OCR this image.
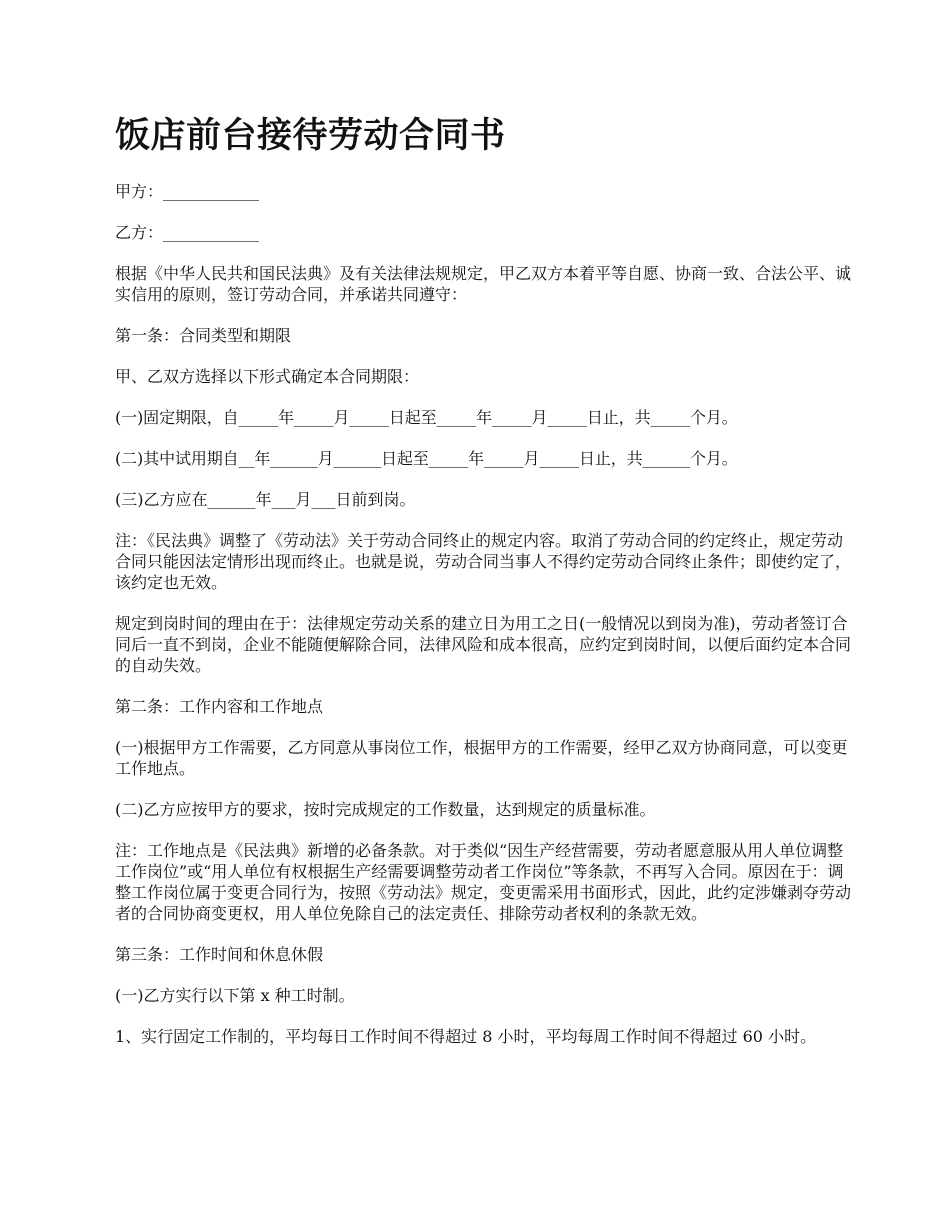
饭店前台接待劳动合同书

甲方：____________

乙方：____________

根据《中华人民共和国民法典》及有关法律法规规定，甲乙双方本着平等自愿、协商一致、合法公平、诚实信用的原则，签订劳动合同，并承诺共同遵守：

第一条：合同类型和期限

甲、乙双方选择以下形式确定本合同期限：

(一)固定期限，自_____年_____月_____日起至_____年_____月_____日止，共_____个月。

(二)其中试用期自__年______月______日起至_____年_____月_____日止，共______个月。

(三)乙方应在______年___月___日前到岗。

注：《民法典》调整了《劳动法》关于劳动合同终止的规定内容。取消了劳动合同的约定终止，规定劳动合同只能因法定情形出现而终止。也就是说，劳动合同当事人不得约定劳动合同终止条件；即使约定了，该约定也无效。

规定到岗时间的理由在于：法律规定劳动关系的建立日为用工之日(一般情况以到岗为准)，劳动者签订合同后一直不到岗，企业不能随便解除合同，法律风险和成本很高，应约定到岗时间，以便后面约定本合同的自动失效。

第二条：工作内容和工作地点

(一)根据甲方工作需要，乙方同意从事岗位工作，根据甲方的工作需要，经甲乙双方协商同意，可以变更工作地点。

(二)乙方应按甲方的要求，按时完成规定的工作数量，达到规定的质量标准。

注：工作地点是《民法典》新增的必备条款。对于类似“因生产经营需要，劳动者愿意服从用人单位调整工作岗位”或“用人单位有权根据生产经需要调整劳动者工作岗位”等条款，不再写入合同。原因在于：调整工作岗位属于变更合同行为，按照《劳动法》规定，变更需采用书面形式，因此，此约定涉嫌剥夺劳动者的合同协商变更权，用人单位免除自己的法定责任、排除劳动者权利的条款无效。

第三条：工作时间和休息休假

(一)乙方实行以下第 x 种工时制。

1、实行固定工作制的，平均每日工作时间不得超过 8 小时，平均每周工作时间不得超过 60 小时。
